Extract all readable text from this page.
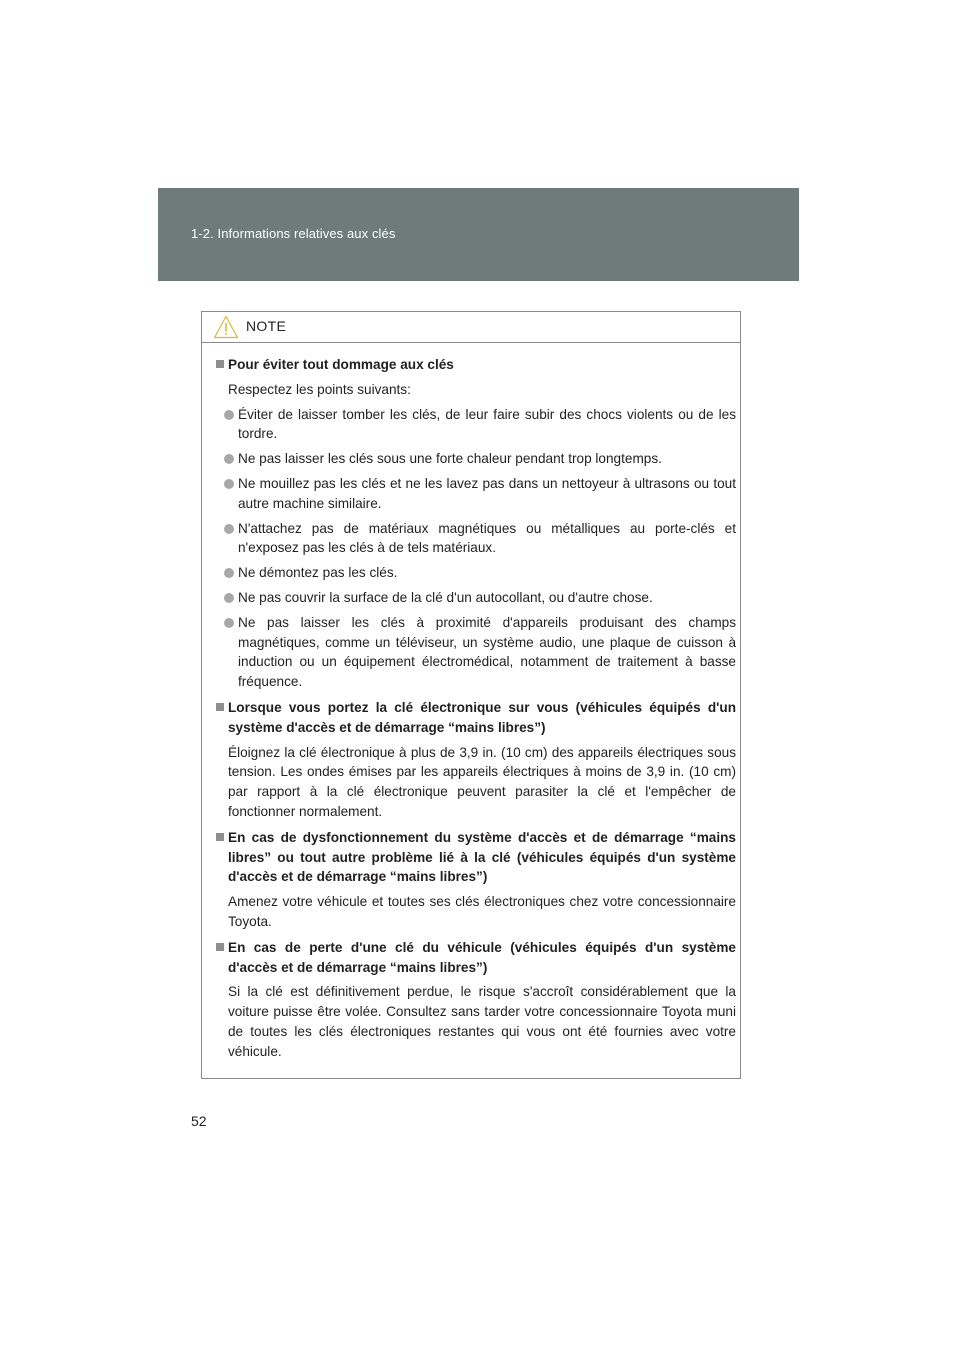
1-2. Informations relatives aux clés
NOTE
Pour éviter tout dommage aux clés
Respectez les points suivants:
Éviter de laisser tomber les clés, de leur faire subir des chocs violents ou de les tordre.
Ne pas laisser les clés sous une forte chaleur pendant trop longtemps.
Ne mouillez pas les clés et ne les lavez pas dans un nettoyeur à ultrasons ou tout autre machine similaire.
N'attachez pas de matériaux magnétiques ou métalliques au porte-clés et n'exposez pas les clés à de tels matériaux.
Ne démontez pas les clés.
Ne pas couvrir la surface de la clé d'un autocollant, ou d'autre chose.
Ne pas laisser les clés à proximité d'appareils produisant des champs magnétiques, comme un téléviseur, un système audio, une plaque de cuisson à induction ou un équipement électromédical, notamment de traitement à basse fréquence.
Lorsque vous portez la clé électronique sur vous (véhicules équipés d'un système d'accès et de démarrage “mains libres”)
Éloignez la clé électronique à plus de 3,9 in. (10 cm) des appareils électriques sous tension. Les ondes émises par les appareils électriques à moins de 3,9 in. (10 cm) par rapport à la clé électronique peuvent parasiter la clé et l'empêcher de fonctionner normalement.
En cas de dysfonctionnement du système d'accès et de démarrage “mains libres” ou tout autre problème lié à la clé (véhicules équipés d'un système d'accès et de démarrage “mains libres”)
Amenez votre véhicule et toutes ses clés électroniques chez votre concessionnaire Toyota.
En cas de perte d'une clé du véhicule (véhicules équipés d'un système d'accès et de démarrage “mains libres”)
Si la clé est définitivement perdue, le risque s'accroît considérablement que la voiture puisse être volée. Consultez sans tarder votre concessionnaire Toyota muni de toutes les clés électroniques restantes qui vous ont été fournies avec votre véhicule.
52
